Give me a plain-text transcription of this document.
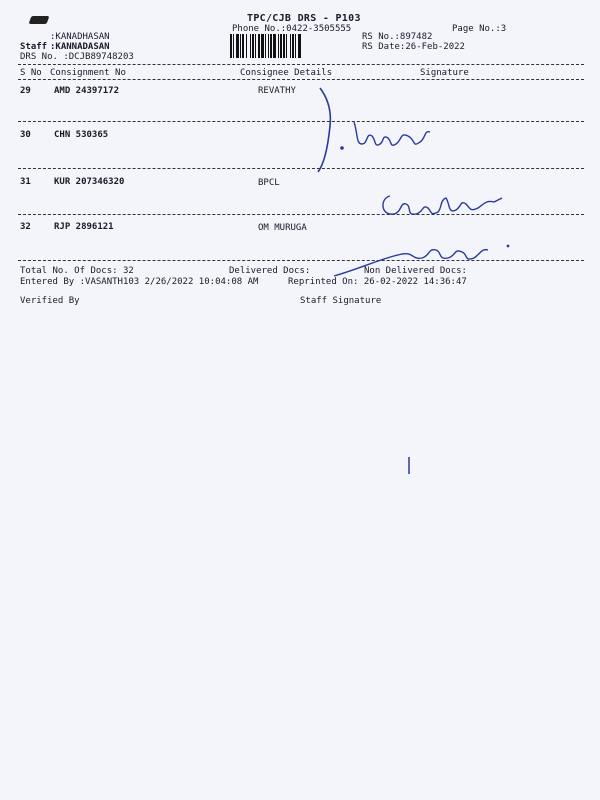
TPC/CJB DRS - P103
Phone No.:0422-3505555	Page No.:3
:KANADHASAN
Staff :KANNADASAN
DRS No. :DCJB89748203
RS No.:897482
RS Date:26-Feb-2022
S No Consignment No	Consignee Details	Signature
29	AMD 24397172	REVATHY
30	CHN 530365
31	KUR 207346320	BPCL
32	RJP 2896121	OM MURUGA
Total No. Of Docs: 32	Delivered Docs:	Non Delivered Docs:
Entered By :VASANTH103 2/26/2022 10:04:08 AM	Reprinted On: 26-02-2022 14:36:47
Verified By	Staff Signature
